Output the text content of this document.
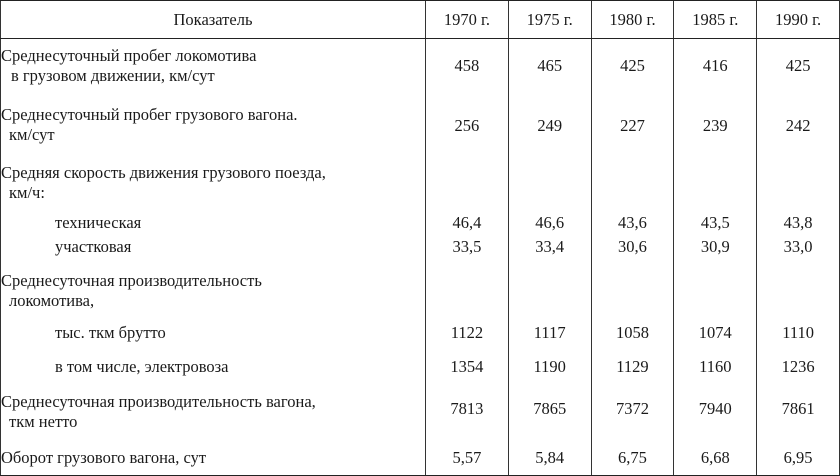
Показатель	1970 г.	1975 г.	1980 г.	1985 г.	1990 г.
Среднесуточный пробег локомотива
в грузовом движении, км/сут	458	465	425	416	425
Среднесуточный пробег грузового вагона.
км/сут	256	249	227	239	242
Средняя скорость движения грузового поезда,
км/ч:					

техническая	46,4	46,6	43,6	43,5	43,8
участковая	33,5	33,4	30,6	30,9	33,0
Среднесуточная производительность
локомотива,					

тыс. ткм брутто	1122	1117	1058	1074	1110
в том числе, электровоза	1354	1190	1129	1160	1236
Среднесуточная производительность вагона,
ткм нетто	7813	7865	7372	7940	7861
Оборот грузового вагона, сут	5,57	5,84	6,75	6,68	6,95
